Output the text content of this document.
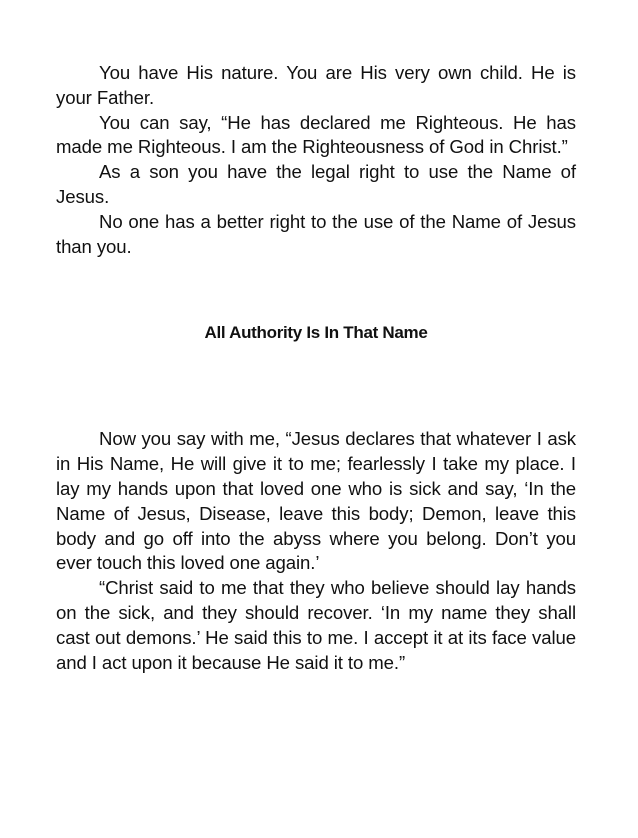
You have His nature. You are His very own child. He is your Father.

You can say, “He has declared me Righteous. He has made me Righteous. I am the Righteousness of God in Christ.”

As a son you have the legal right to use the Name of Jesus.

No one has a better right to the use of the Name of Jesus than you.

All Authority Is In That Name

Now you say with me, “Jesus declares that whatever I ask in His Name, He will give it to me; fearlessly I take my place. I lay my hands upon that loved one who is sick and say, ‘In the Name of Jesus, Disease, leave this body; Demon, leave this body and go off into the abyss where you belong. Don’t you ever touch this loved one again.’

“Christ said to me that they who believe should lay hands on the sick, and they should recover. ‘In my name they shall cast out demons.’ He said this to me. I accept it at its face value and I act upon it because He said it to me.”
